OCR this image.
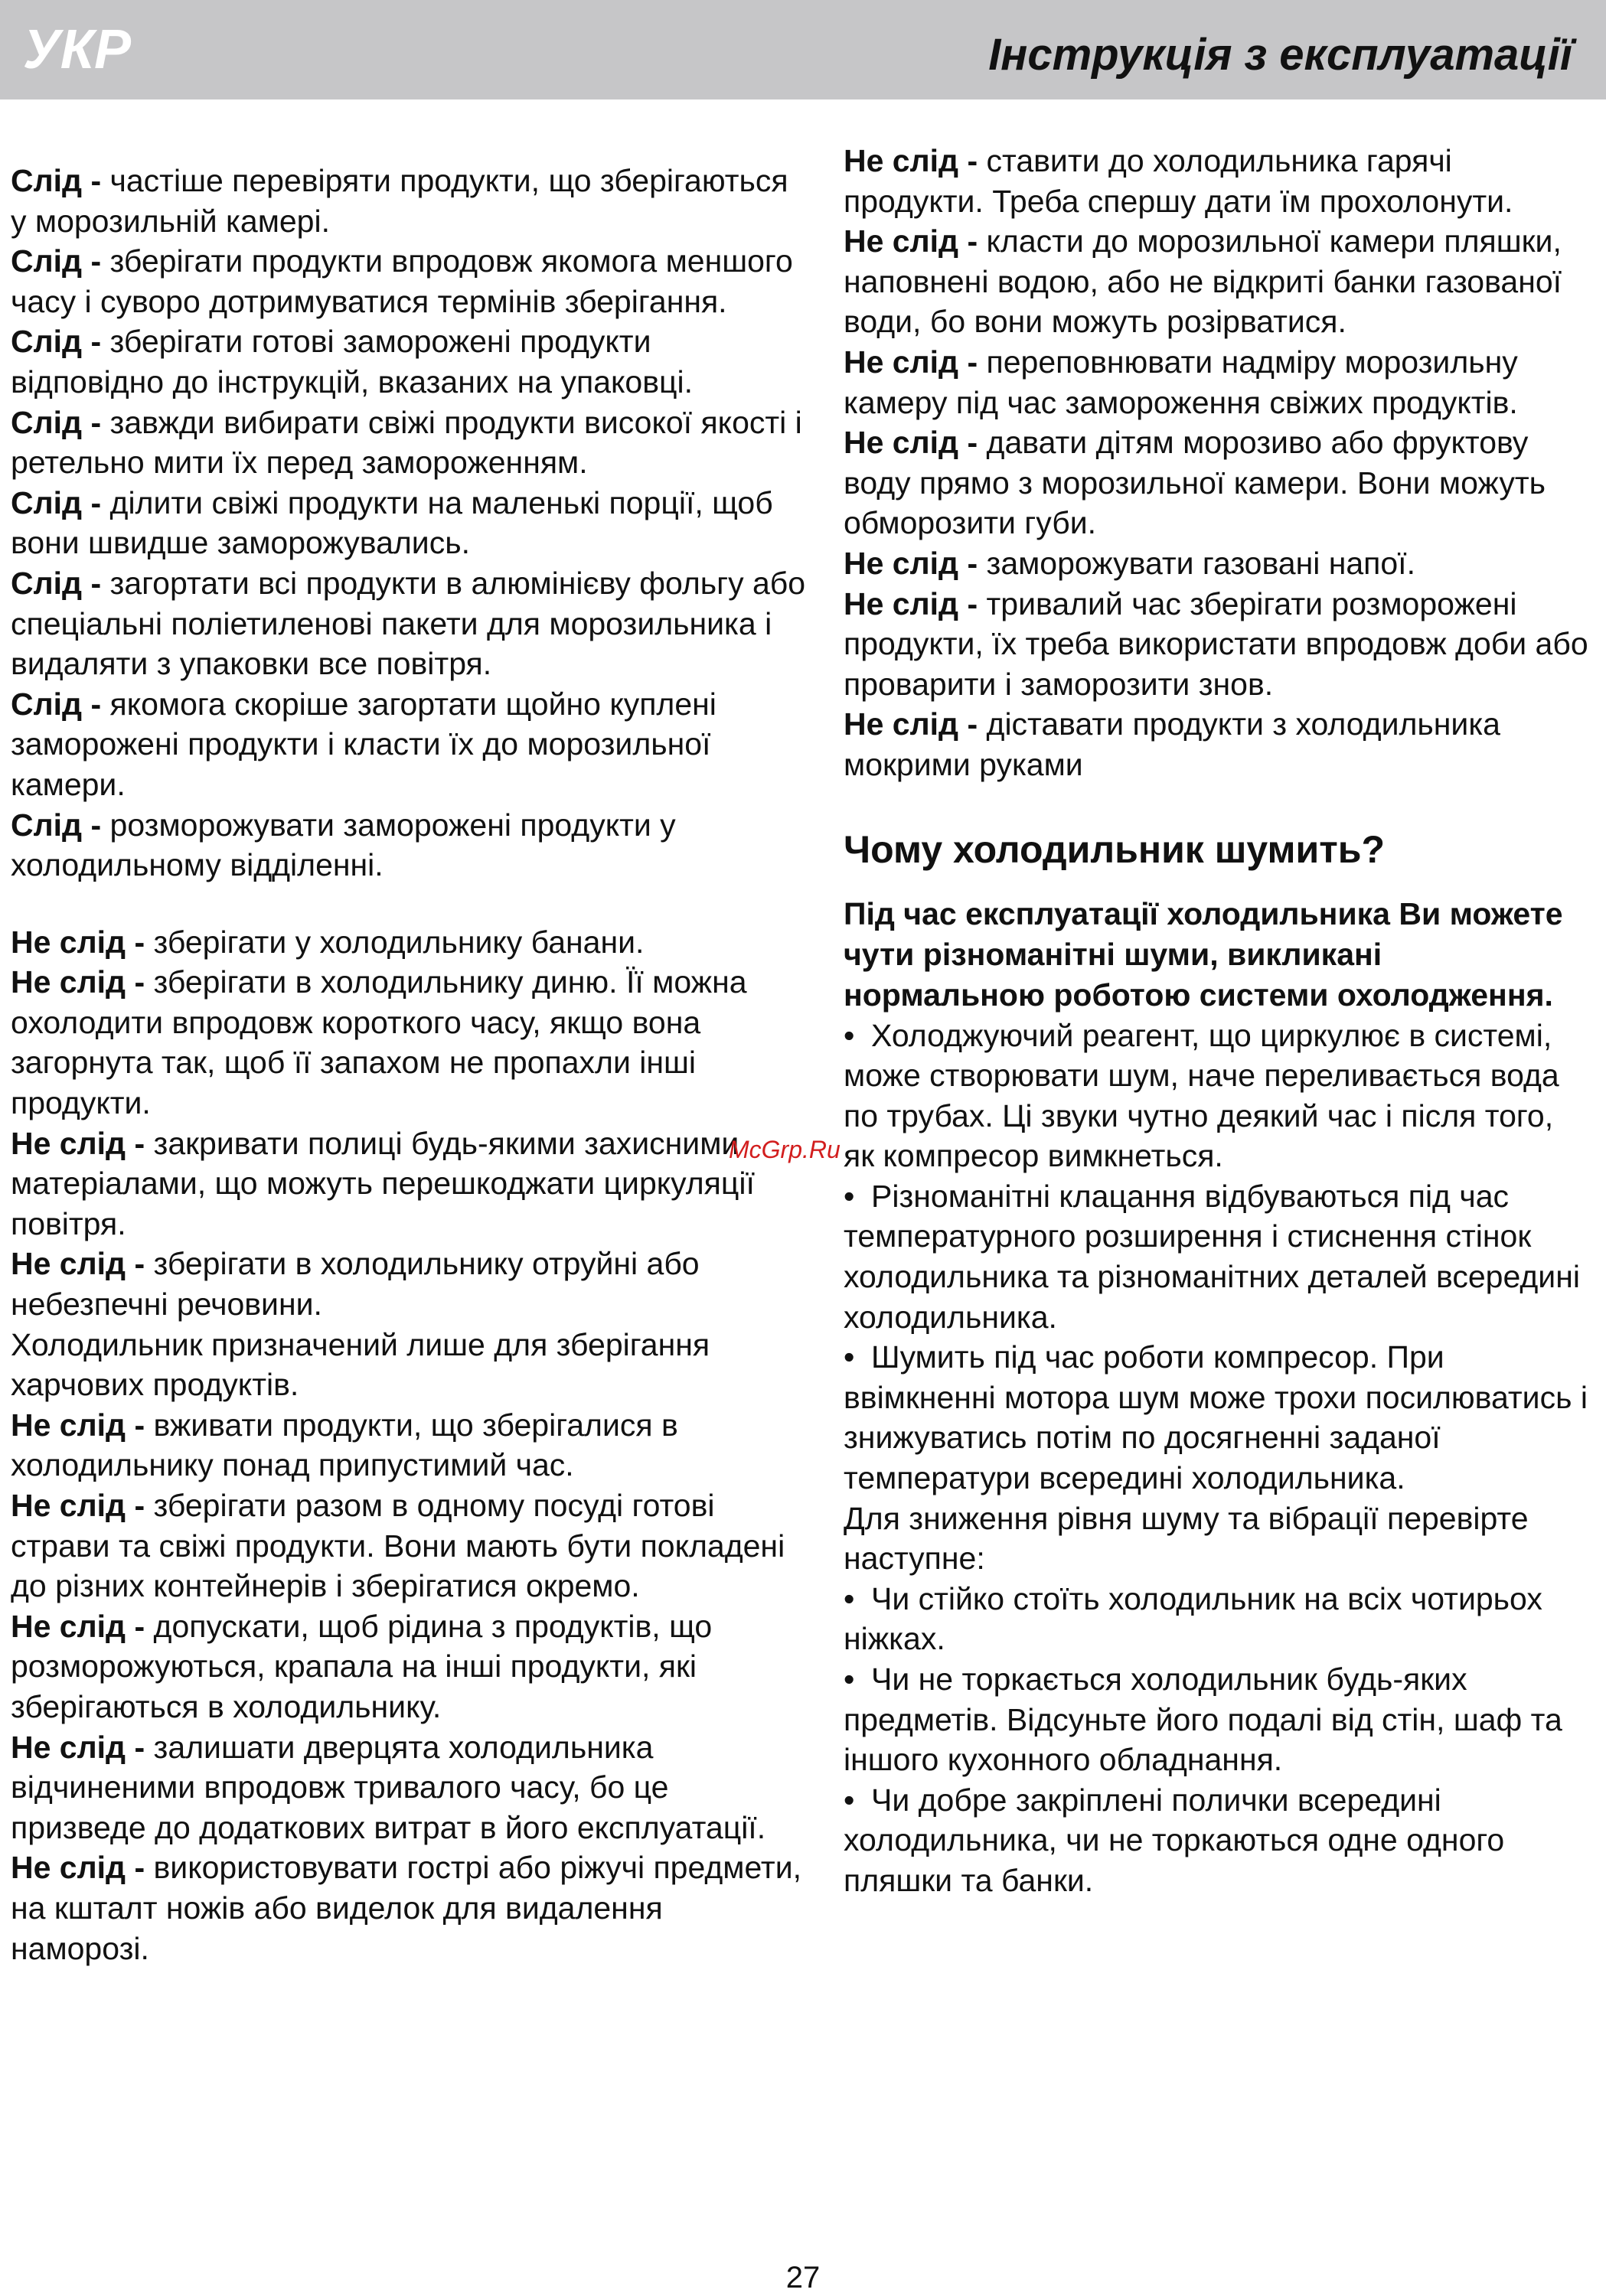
УКР	Інструкція з експлуатації

Слід - частіше перевіряти продукти, що зберігаються у морозильній камері.

Слід - зберігати продукти впродовж якомога меншого часу і суворо дотримуватися термінів зберігання.

Слід - зберігати готові заморожені продукти відповідно до інструкцій, вказаних на упаковці.

Слід - завжди вибирати свіжі продукти високої якості і ретельно мити їх перед замороженням.

Слід - ділити свіжі продукти на маленькі порції, щоб вони швидше заморожувались.

Слід - загортати всі продукти в алюмінієву фольгу або спеціальні поліетиленові пакети для морозильника і видаляти з упаковки все повітря.

Слід - якомога скоріше загортати щойно куплені заморожені продукти і класти їх до морозильної камери.

Слід - розморожувати заморожені продукти у холодильному відділенні.

Не слід - зберігати у холодильнику банани.

Не слід - зберігати в холодильнику диню. Її можна охолодити впродовж короткого часу, якщо вона загорнута так, щоб її запахом не пропахли інші продукти.

Не слід - закривати полиці будь-якими захисними матеріалами, що можуть перешкоджати циркуляції повітря.

Не слід - зберігати в холодильнику отруйні або небезпечні речовини.

Холодильник призначений лише для зберігання харчових продуктів.

Не слід - вживати продукти, що зберігалися в холодильнику понад припустимий час.

Не слід - зберігати разом в одному посуді готові страви та свіжі продукти. Вони мають бути покладені до різних контейнерів і зберігатися окремо.

Не слід - допускати, щоб рідина з продуктів, що розморожуються, крапала на інші продукти, які зберігаються в холодильнику.

Не слід - залишати дверцята холодильника відчиненими впродовж тривалого часу, бо це призведе до додаткових витрат в його експлуатації.

Не слід - використовувати гострі або ріжучі предмети, на кшталт ножів або виделок для видалення наморозі.

Не слід - ставити до холодильника гарячі продукти. Треба спершу дати їм прохолонути.

Не слід - класти до морозильної камери пляшки, наповнені водою, або не відкриті банки газованої води, бо вони можуть розірватися.

Не слід - переповнювати надміру морозильну камеру під час замороження свіжих продуктів.

Не слід - давати дітям морозиво або фруктову воду прямо з морозильної камери. Вони можуть обморозити губи.

Не слід - заморожувати газовані напої.

Не слід - тривалий час зберігати розморожені продукти, їх треба використати впродовж доби або проварити і заморозити знов.

Не слід - діставати продукти з холодильника мокрими руками

Чому холодильник шумить?

Під час експлуатації холодильника Ви можете чути різноманітні шуми, викликані нормальною роботою системи охолодження.

• Холоджуючий реагент, що циркулює в системі, може створювати шум, наче переливається вода по трубах. Ці звуки чутно деякий час і після того, як компресор вимкнеться.

• Різноманітні клацання відбуваються під час температурного розширення і стиснення стінок холодильника та різноманітних деталей всередині холодильника.

• Шумить під час роботи компресор. При ввімкненні мотора шум може трохи посилюватись і знижуватись потім по досягненні заданої температури всередині холодильника.

Для зниження рівня шуму та вібрації перевірте наступне:

• Чи стійко стоїть холодильник на всіх чотирьох ніжках.

• Чи не торкається холодильник будь-яких предметів. Відсуньте його подалі від стін, шаф та іншого кухонного обладнання.

• Чи добре закріплені полички всередині холодильника, чи не торкаються одне одного пляшки та банки.

McGrp.Ru
27
